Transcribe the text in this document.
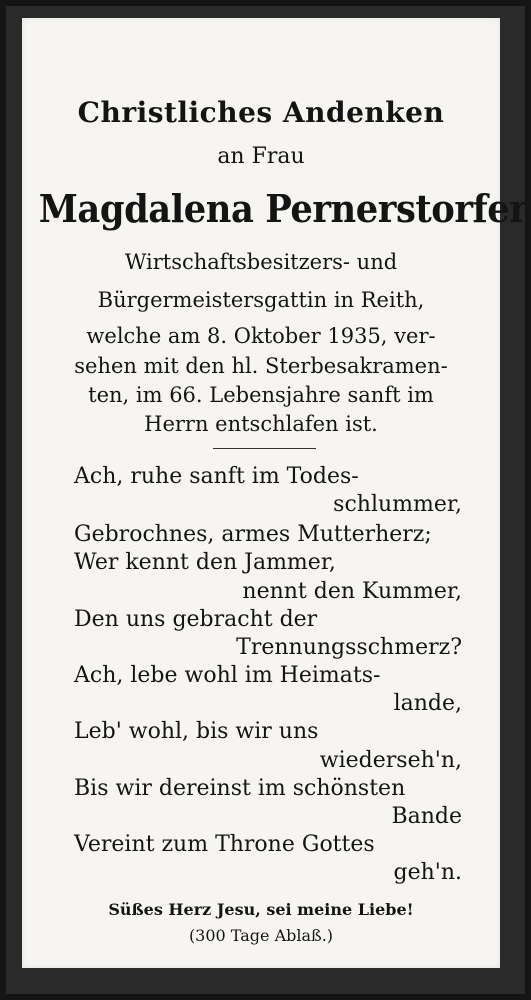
Christliches Andenken
an Frau
Magdalena Pernerstorfer
Wirtschaftsbesitzers- und
Bürgermeistersgattin in Reith,
welche am 8. Oktober 1935, ver-
sehen mit den hl. Sterbesakramen-
ten, im 66. Lebensjahre sanft im
Herrn entschlafen ist.
Ach, ruhe sanft im Todes-
schlummer,
Gebrochnes, armes Mutterherz;
Wer kennt den Jammer,
nennt den Kummer,
Den uns gebracht der
Trennungsschmerz?
Ach, lebe wohl im Heimats-
lande,
Leb' wohl, bis wir uns
wiederseh'n,
Bis wir dereinst im schönsten
Bande
Vereint zum Throne Gottes
geh'n.
Süßes Herz Jesu, sei meine Liebe!
(300 Tage Ablaß.)
